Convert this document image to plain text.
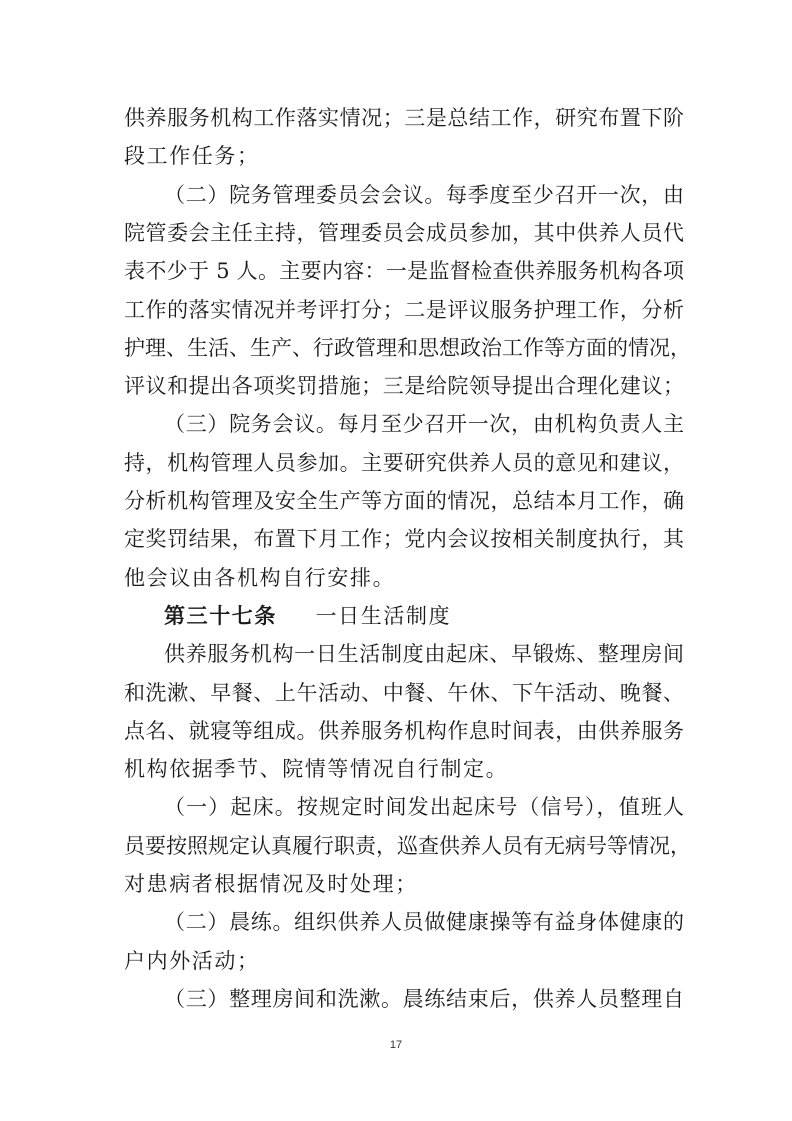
供养服务机构工作落实情况；三是总结工作，研究布置下阶
段工作任务；
（二）院务管理委员会会议。每季度至少召开一次，由
院管委会主任主持，管理委员会成员参加，其中供养人员代
表不少于 5 人。主要内容：一是监督检查供养服务机构各项
工作的落实情况并考评打分；二是评议服务护理工作，分析
护理、生活、生产、行政管理和思想政治工作等方面的情况，
评议和提出各项奖罚措施；三是给院领导提出合理化建议；
（三）院务会议。每月至少召开一次，由机构负责人主
持，机构管理人员参加。主要研究供养人员的意见和建议，
分析机构管理及安全生产等方面的情况，总结本月工作，确
定奖罚结果，布置下月工作；党内会议按相关制度执行，其
他会议由各机构自行安排。
第三十七条 一日生活制度
供养服务机构一日生活制度由起床、早锻炼、整理房间
和洗漱、早餐、上午活动、中餐、午休、下午活动、晚餐、
点名、就寝等组成。供养服务机构作息时间表，由供养服务
机构依据季节、院情等情况自行制定。
（一）起床。按规定时间发出起床号（信号），值班人
员要按照规定认真履行职责，巡查供养人员有无病号等情况，
对患病者根据情况及时处理；
（二）晨练。组织供养人员做健康操等有益身体健康的
户内外活动；
（三）整理房间和洗漱。晨练结束后，供养人员整理自
17
